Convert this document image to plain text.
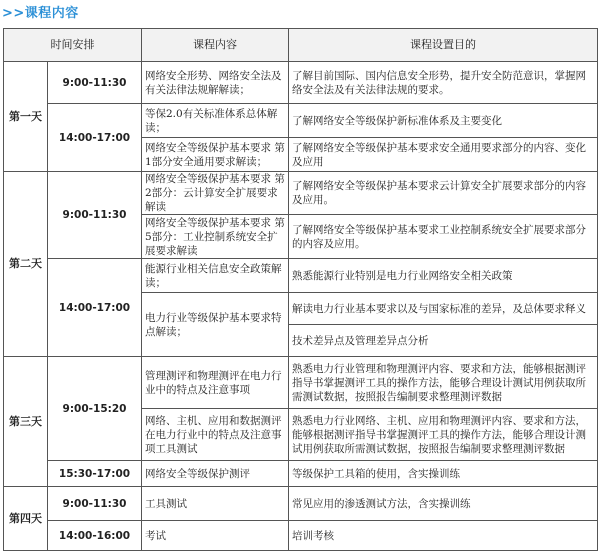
>>课程内容
时间安排		课程内容	课程设置目的
第一天	9:00-11:30	网络安全形势、网络安全法及有关法律法规解解读；	了解目前国际、国内信息安全形势，提升安全防范意识，掌握网络安全法及有关法律法规的要求。
	14:00-17:00	等保2.0有关标准体系总体解读；	了解网络安全等级保护新标准体系及主要变化
		网络安全等级保护基本要求 第1部分安全通用要求解读；	了解网络安全等级保护基本要求安全通用要求部分的内容、变化及应用
第二天	9:00-11:30	网络安全等级保护基本要求 第2部分：云计算安全扩展要求解读	了解网络安全等级保护基本要求云计算安全扩展要求部分的内容及应用。
		网络安全等级保护基本要求 第5部分：工业控制系统安全扩展要求解读	了解网络安全等级保护基本要求工业控制系统安全扩展要求部分的内容及应用。
	14:00-17:00	能源行业相关信息安全政策解读；	熟悉能源行业特别是电力行业网络安全相关政策
		电力行业等级保护基本要求特点解读；	解读电力行业基本要求以及与国家标准的差异，及总体要求释义
			技术差异点及管理差异点分析
第三天	9:00-15:20	管理测评和物理测评在电力行业中的特点及注意事项	熟悉电力行业管理和物理测评内容、要求和方法，能够根据测评指导书掌握测评工具的操作方法，能够合理设计测试用例获取所需测试数据，按照报告编制要求整理测评数据
		网络、主机、应用和数据测评在电力行业中的特点及注意事项工具测试	熟悉电力行业网络、主机、应用和物理测评内容、要求和方法，能够根据测评指导书掌握测评工具的操作方法，能够合理设计测试用例获取所需测试数据，按照报告编制要求整理测评数据
	15:30-17:00	网络安全等级保护测评	等级保护工具箱的使用，含实操训练
第四天	9:00-11:30	工具测试	常见应用的渗透测试方法，含实操训练
	14:00-16:00	考试	培训考核
